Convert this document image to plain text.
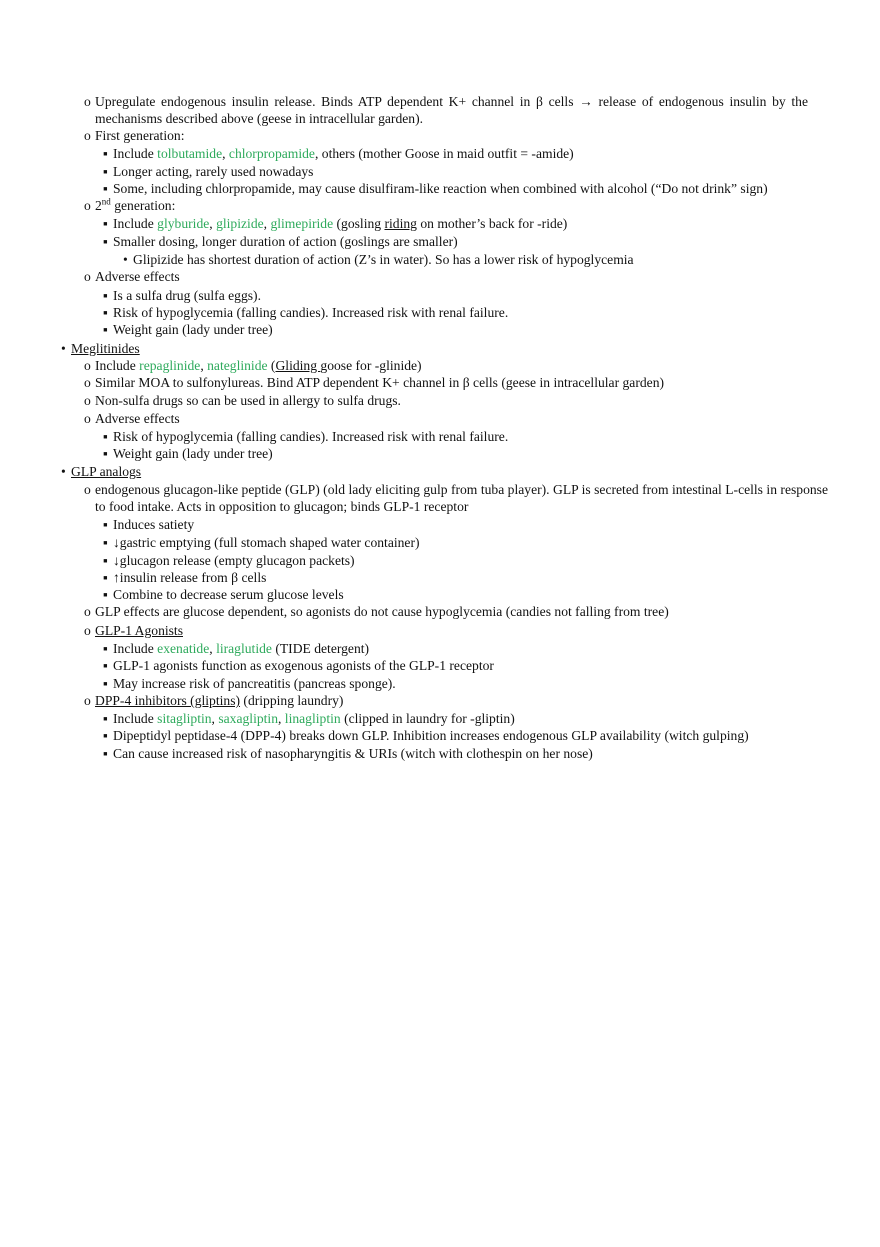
o Upregulate endogenous insulin release. Binds ATP dependent K+ channel in β cells → release of endogenous insulin by the mechanisms described above (geese in intracellular garden).
o First generation:
▪ Include tolbutamide, chlorpropamide, others (mother Goose in maid outfit = -amide)
▪ Longer acting, rarely used nowadays
▪ Some, including chlorpropamide, may cause disulfiram-like reaction when combined with alcohol (“Do not drink” sign)
o 2nd generation:
▪ Include glyburide, glipizide, glimepiride (gosling riding on mother’s back for -ride)
▪ Smaller dosing, longer duration of action (goslings are smaller)
• Glipizide has shortest duration of action (Z’s in water). So has a lower risk of hypoglycemia
o Adverse effects
▪ Is a sulfa drug (sulfa eggs).
▪ Risk of hypoglycemia (falling candies). Increased risk with renal failure.
▪ Weight gain (lady under tree)
• Meglitinides
o Include repaglinide, nateglinide (Gliding goose for -glinide)
o Similar MOA to sulfonylureas. Bind ATP dependent K+ channel in β cells (geese in intracellular garden)
o Non-sulfa drugs so can be used in allergy to sulfa drugs.
o Adverse effects
▪ Risk of hypoglycemia (falling candies). Increased risk with renal failure.
▪ Weight gain (lady under tree)
• GLP analogs
o endogenous glucagon-like peptide (GLP) (old lady eliciting gulp from tuba player). GLP is secreted from intestinal L-cells in response to food intake. Acts in opposition to glucagon; binds GLP-1 receptor
▪ Induces satiety
▪ ↓gastric emptying (full stomach shaped water container)
▪ ↓glucagon release (empty glucagon packets)
▪ ↑insulin release from β cells
▪ Combine to decrease serum glucose levels
o GLP effects are glucose dependent, so agonists do not cause hypoglycemia (candies not falling from tree)
o GLP-1 Agonists
▪ Include exenatide, liraglutide (TIDE detergent)
▪ GLP-1 agonists function as exogenous agonists of the GLP-1 receptor
▪ May increase risk of pancreatitis (pancreas sponge).
o DPP-4 inhibitors (gliptins) (dripping laundry)
▪ Include sitagliptin, saxagliptin, linagliptin (clipped in laundry for -gliptin)
▪ Dipeptidyl peptidase-4 (DPP-4) breaks down GLP. Inhibition increases endogenous GLP availability (witch gulping)
▪ Can cause increased risk of nasopharyngitis & URIs (witch with clothespin on her nose)
